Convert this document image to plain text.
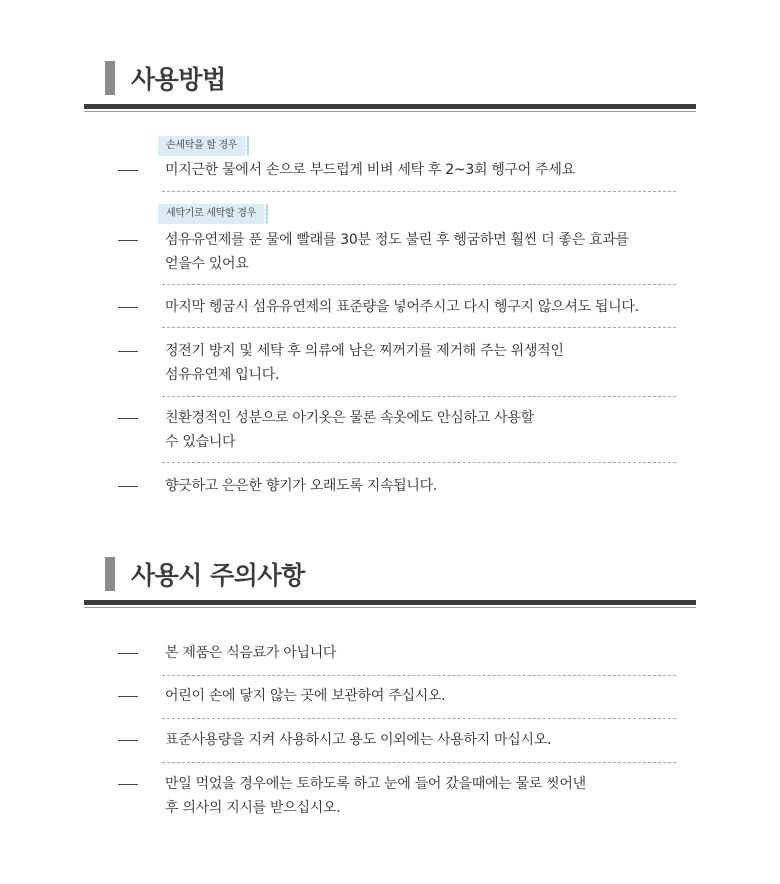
사용방법
손세탁을 할 경우
미지근한 물에서 손으로 부드럽게 비벼 세탁 후 2~3회 헹구어 주세요
세탁기로 세탁할 경우
섬유유연제를 푼 물에 빨래를 30분 정도 불린 후 헹굼하면 훨씬 더 좋은 효과를
얻을수 있어요
마지막 헹굼시 섬유유연제의 표준량을 넣어주시고 다시 헹구지 않으셔도 됩니다.
정전기 방지 및 세탁 후 의류에 남은 찌꺼기를 제거해 주는 위생적인
섬유유연제 입니다.
친환경적인 성분으로 아기옷은 물론 속옷에도 안심하고 사용할
수 있습니다
향긋하고 은은한 향기가 오래도록 지속됩니다.
사용시 주의사항
본 제품은 식음료가 아닙니다
어린이 손에 닿지 않는 곳에 보관하여 주십시오.
표준사용량을 지켜 사용하시고 용도 이외에는 사용하지 마십시오.
만일 먹었을 경우에는 토하도록 하고 눈에 들어 갔을때에는 물로 씻어낸
후 의사의 지시를 받으십시오.
